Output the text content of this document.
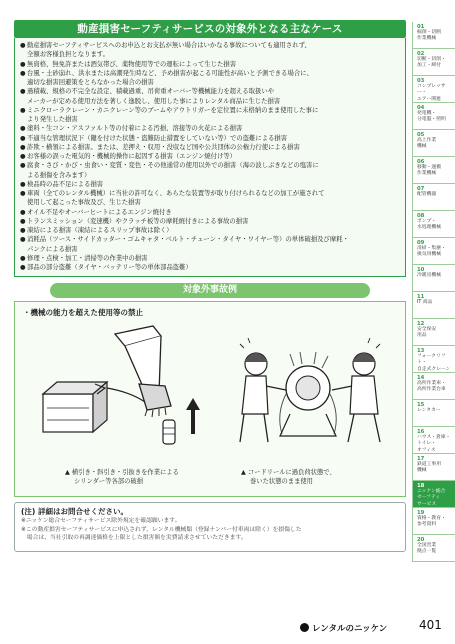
動産損害セーフティサービスの対象外となる主なケース
● 動産損害セーフティサービスへのお申込とお支払が無い場合はいかなる事故についても適用されず、
全額お客様負担となります。
● 無資格、無免許または酒気帯び、薬物使用等での運転によって生じた損害
● 台風・土砂崩れ、洪水または高潮発生時など、予め損害が起こる可能性が高いと予測できる場合に、
適切な損害回避策をとらなかった場合の損害
● 過積載、規格の不完全な設定、積載過重、吊荷重オーバー等機械能力を超える取扱いや
メーカーが定める使用方法を著しく逸脱し、使用した事によりレンタル商品に生じた損害
● ミニクローラクレーン・カニクレーン等のブームやアウトリガーを定位置に未格納のまま使用した事に
より発生した損害
● 塗料・生コン・アスファルト等の付着による汚損、溶接等の火花による損害
● 不適当な管理状況下（鍵を付けた状態・盗難防止措置をしていない等）での盗難による損害
● 詐欺・横領による損害。または、差押え・収用・没収など国や公共団体の公権力行使による損害
● お客様の誤った電気的・機械的操作に起因する損害（エンジン焼付け等）
● 腐食・さび・かび・虫食い・変質・変色・その他通常の使用以外での損害（海の波しぶきなどの塩害に
よる損傷を含みます）
● 検品時の品不足による損害
● 車両（全てのレンタル機械）に当社の許可なく、あらたな装置等が取り付けられるなどの加工が施されて
使用して起こった事故及び、生じた損害
● オイル不足やオーバーヒートによるエンジン焼付き
● トランスミッション（変速機）やクラッチ板等の摩耗焼付きによる事故の損害
● 凍結による損害（凍結によるスリップ事故は除く）
● 消耗品（ツース・サイドカッター・ゴムキャタ・ベルト・チェーン・タイヤ・ワイヤー等）の単体破損及び摩耗・
パンクによる損害
● 修理・点検・加工・清掃等の作業中の損害
● 部品の部分盗難（タイヤ・バッテリー等の単体部品盗難）
対象外事故例
・機械の能力を超えた使用等の禁止
▲ 横引き・斜引き・引抜きを作業による
シリンダー等各部の破損
▲ コードリールに過負荷状態で、
巻いた状態のまま使用
(注) 詳細はお問合せください。
※ニッケン総合セーフティサービス除外規定を確認願います。
※この動産損害セーフティサービスに申込されず、レンタル機械類（登録ナンバー付車両は除く）を損傷した
　場合は、当社引取の再調達価格を上限とした損害額を実費請求させていただきます。
01
掘削・切断
作業機械
02
切断・切削・
加工・締付
03
コンプレッサー・
エアー関連
04
発電機・
分電盤・照明
05
高上作業
機械
06
移動・運搬
作業機械
07
配管機器
08
ポンプ・
水処理機械
09
清掃・集塵・
換気用機械
10
冷暖房機械
11
IT 商品
12
安全保安
用品
13
フォークリフト・
自走式クレーン
14
高所作業車・
高所作業台車
15
レンタカー
16
ハウス・倉庫・
トイレ・
オフィス
17
鉄道工事用
機械
18
ニッケン総合
セーフティ
サービス
19
資格・教育・
参考資料
20
全国営業
拠点一覧
レンタルのニッケン	401
